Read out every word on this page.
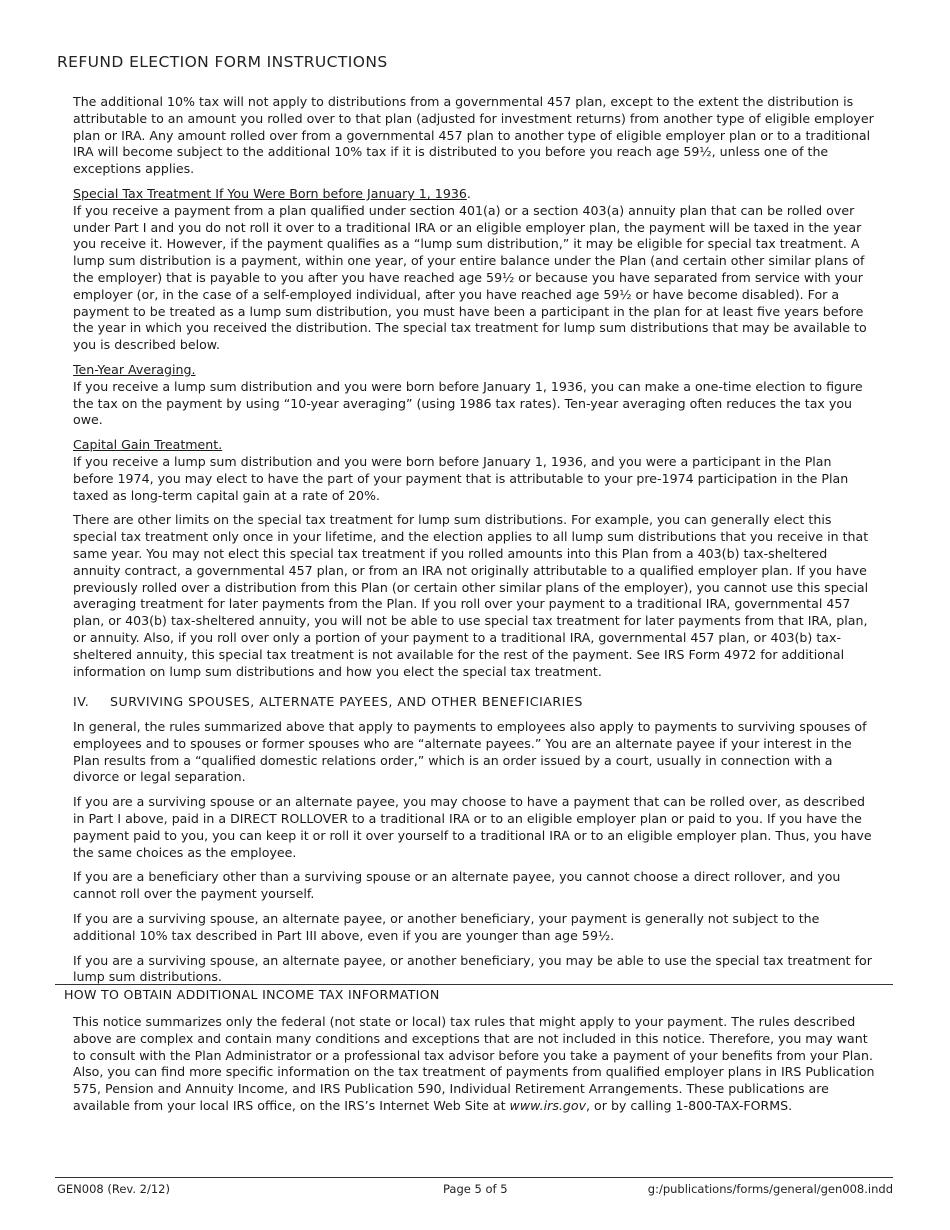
REFUND ELECTION FORM INSTRUCTIONS

The additional 10% tax will not apply to distributions from a governmental 457 plan, except to the extent the distribution is attributable to an amount you rolled over to that plan (adjusted for investment returns) from another type of eligible employer plan or IRA. Any amount rolled over from a governmental 457 plan to another type of eligible employer plan or to a traditional IRA will become subject to the additional 10% tax if it is distributed to you before you reach age 59½, unless one of the exceptions applies.

Special Tax Treatment If You Were Born before January 1, 1936.
If you receive a payment from a plan qualified under section 401(a) or a section 403(a) annuity plan that can be rolled over under Part I and you do not roll it over to a traditional IRA or an eligible employer plan, the payment will be taxed in the year you receive it. However, if the payment qualifies as a “lump sum distribution,” it may be eligible for special tax treatment. A lump sum distribution is a payment, within one year, of your entire balance under the Plan (and certain other similar plans of the employer) that is payable to you after you have reached age 59½ or because you have separated from service with your employer (or, in the case of a self-employed individual, after you have reached age 59½ or have become disabled). For a payment to be treated as a lump sum distribution, you must have been a participant in the plan for at least five years before the year in which you received the distribution. The special tax treatment for lump sum distributions that may be available to you is described below.

Ten-Year Averaging.
If you receive a lump sum distribution and you were born before January 1, 1936, you can make a one-time election to figure the tax on the payment by using “10-year averaging” (using 1986 tax rates). Ten-year averaging often reduces the tax you owe.

Capital Gain Treatment.
If you receive a lump sum distribution and you were born before January 1, 1936, and you were a participant in the Plan before 1974, you may elect to have the part of your payment that is attributable to your pre-1974 participation in the Plan taxed as long-term capital gain at a rate of 20%.

There are other limits on the special tax treatment for lump sum distributions. For example, you can generally elect this special tax treatment only once in your lifetime, and the election applies to all lump sum distributions that you receive in that same year. You may not elect this special tax treatment if you rolled amounts into this Plan from a 403(b) tax-sheltered annuity contract, a governmental 457 plan, or from an IRA not originally attributable to a qualified employer plan. If you have previously rolled over a distribution from this Plan (or certain other similar plans of the employer), you cannot use this special averaging treatment for later payments from the Plan. If you roll over your payment to a traditional IRA, governmental 457 plan, or 403(b) tax-sheltered annuity, you will not be able to use special tax treatment for later payments from that IRA, plan, or annuity. Also, if you roll over only a portion of your payment to a traditional IRA, governmental 457 plan, or 403(b) tax-sheltered annuity, this special tax treatment is not available for the rest of the payment. See IRS Form 4972 for additional information on lump sum distributions and how you elect the special tax treatment.

IV. SURVIVING SPOUSES, ALTERNATE PAYEES, AND OTHER BENEFICIARIES

In general, the rules summarized above that apply to payments to employees also apply to payments to surviving spouses of employees and to spouses or former spouses who are “alternate payees.” You are an alternate payee if your interest in the Plan results from a “qualified domestic relations order,” which is an order issued by a court, usually in connection with a divorce or legal separation.

If you are a surviving spouse or an alternate payee, you may choose to have a payment that can be rolled over, as described in Part I above, paid in a DIRECT ROLLOVER to a traditional IRA or to an eligible employer plan or paid to you. If you have the payment paid to you, you can keep it or roll it over yourself to a traditional IRA or to an eligible employer plan. Thus, you have the same choices as the employee.

If you are a beneficiary other than a surviving spouse or an alternate payee, you cannot choose a direct rollover, and you cannot roll over the payment yourself.

If you are a surviving spouse, an alternate payee, or another beneficiary, your payment is generally not subject to the additional 10% tax described in Part III above, even if you are younger than age 59½.

If you are a surviving spouse, an alternate payee, or another beneficiary, you may be able to use the special tax treatment for lump sum distributions.

HOW TO OBTAIN ADDITIONAL INCOME TAX INFORMATION

This notice summarizes only the federal (not state or local) tax rules that might apply to your payment. The rules described above are complex and contain many conditions and exceptions that are not included in this notice. Therefore, you may want to consult with the Plan Administrator or a professional tax advisor before you take a payment of your benefits from your Plan. Also, you can find more specific information on the tax treatment of payments from qualified employer plans in IRS Publication 575, Pension and Annuity Income, and IRS Publication 590, Individual Retirement Arrangements. These publications are available from your local IRS office, on the IRS’s Internet Web Site at www.irs.gov, or by calling 1-800-TAX-FORMS.

GEN008 (Rev. 2/12)	Page 5 of 5	g:/publications/forms/general/gen008.indd
